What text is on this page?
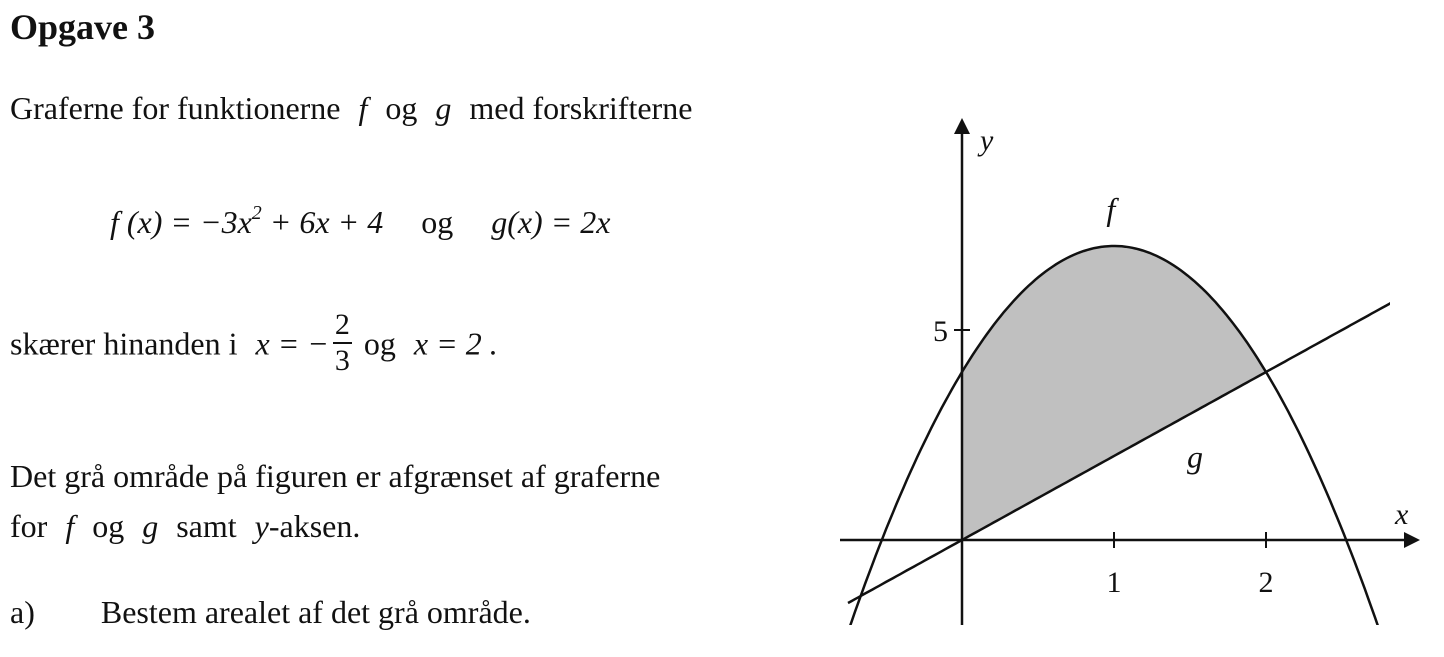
Opgave 3
Graferne for funktionerne f og g med forskrifterne
f $(x) = -3x^2 + 6x + 4$ og g(x) = 2x
skærer hinanden i x = − $\frac{2}{3}$ og x = 2 .
Det grå område på figuren er afgrænset af graferne
for f og g samt y-aksen.
a) Bestem arealet af det grå område.
x
y
1	2
5
f
g
